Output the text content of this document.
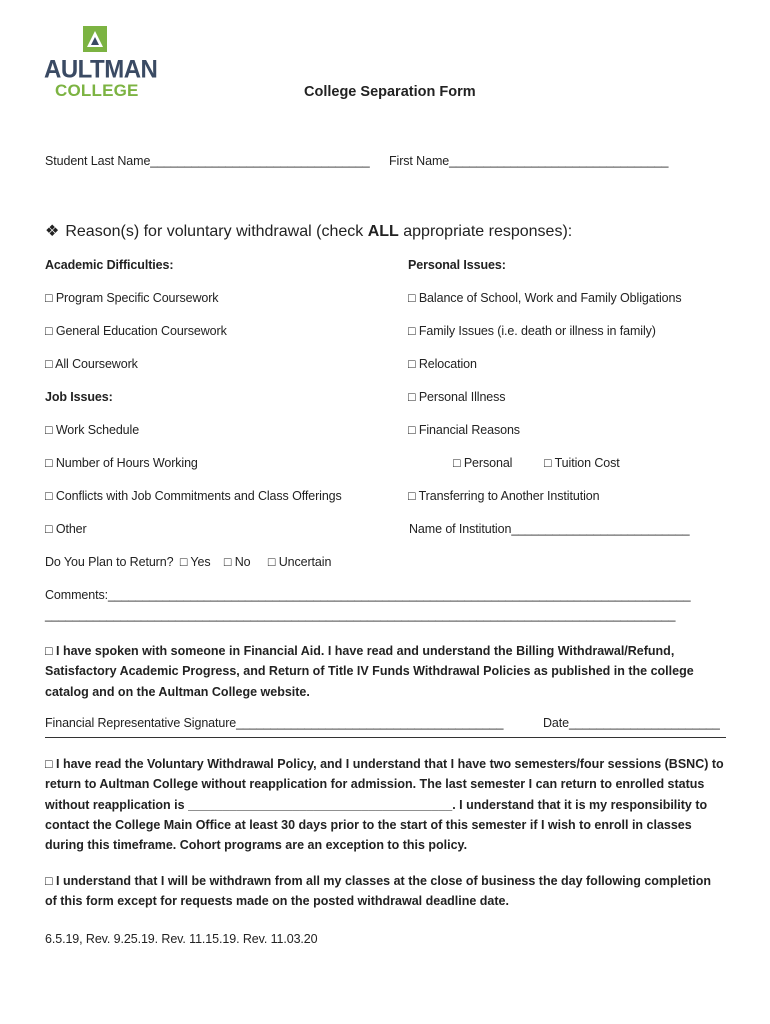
AULTMAN
COLLEGE	College Separation Form
Student Last Name________________________________ First Name________________________________
❖ Reason(s) for voluntary withdrawal (check ALL appropriate responses):
Academic Difficulties:
□ Program Specific Coursework
□ General Education Coursework
□ All Coursework
Job Issues:
□ Work Schedule
□ Number of Hours Working
□ Conflicts with Job Commitments and Class Offerings
□ Other
Personal Issues:
□ Balance of School, Work and Family Obligations
□ Family Issues (i.e. death or illness in family)
□ Relocation
□ Personal Illness
□ Financial Reasons
□ Personal	□ Tuition Cost
□ Transferring to Another Institution
Name of Institution__________________________
Do You Plan to Return? □ Yes □ No □ Uncertain
Comments:_____________________________________________________________________________________
____________________________________________________________________________________________
□ I have spoken with someone in Financial Aid. I have read and understand the Billing Withdrawal/Refund, Satisfactory Academic Progress, and Return of Title IV Funds Withdrawal Policies as published in the college catalog and on the Aultman College website.
Financial Representative Signature_______________________________________	Date______________________
□ I have read the Voluntary Withdrawal Policy, and I understand that I have two semesters/four sessions (BSNC) to return to Aultman College without reapplication for admission. The last semester I can return to enrolled status without reapplication is ______________________________________. I understand that it is my responsibility to contact the College Main Office at least 30 days prior to the start of this semester if I wish to enroll in classes during this timeframe. Cohort programs are an exception to this policy.
□ I understand that I will be withdrawn from all my classes at the close of business the day following completion of this form except for requests made on the posted withdrawal deadline date.
6.5.19, Rev. 9.25.19. Rev. 11.15.19. Rev. 11.03.20
